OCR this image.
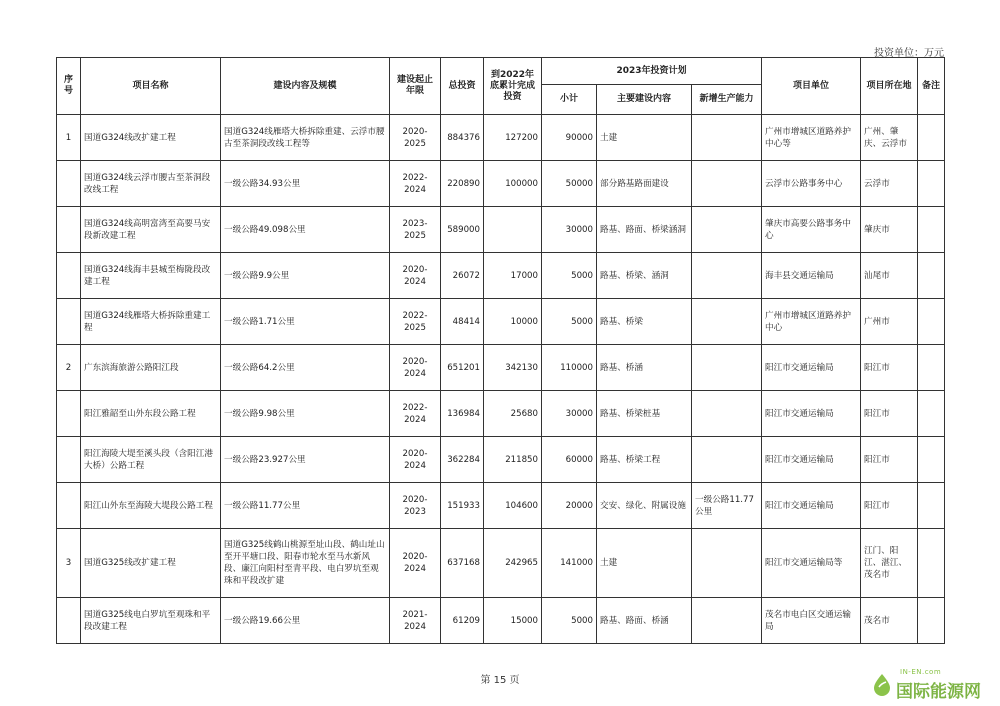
投资单位：万元
序号	项目名称	建设内容及规模	建设起止年限	总投资	到2022年底累计完成投资	2023年投资计划			项目单位	项目所在地	备注
						小计	主要建设内容	新增生产能力			
1	国道G324线改扩建工程	国道G324线雁塔大桥拆除重建、云浮市腰古至茶洞段改线工程等	2020-2025	884376	127200	90000	土建		广州市增城区道路养护中心等	广州、肇庆、云浮市	
	国道G324线云浮市腰古至茶洞段改线工程	一级公路34.93公里	2022-2024	220890	100000	50000	部分路基路面建设		云浮市公路事务中心	云浮市	
	国道G324线高明富湾至高要马安段新改建工程	一级公路49.098公里	2023-2025	589000		30000	路基、路面、桥梁涵洞		肇庆市高要公路事务中心	肇庆市	
	国道G324线海丰县城至梅陇段改建工程	一级公路9.9公里	2020-2024	26072	17000	5000	路基、桥梁、涵洞		海丰县交通运输局	汕尾市	
	国道G324线雁塔大桥拆除重建工程	一级公路1.71公里	2022-2025	48414	10000	5000	路基、桥梁		广州市增城区道路养护中心	广州市	
2	广东滨海旅游公路阳江段	一级公路64.2公里	2020-2024	651201	342130	110000	路基、桥涵		阳江市交通运输局	阳江市	
	阳江雅韶至山外东段公路工程	一级公路9.98公里	2022-2024	136984	25680	30000	路基、桥梁桩基		阳江市交通运输局	阳江市	
	阳江海陵大堤至溪头段（含阳江港大桥）公路工程	一级公路23.927公里	2020-2024	362284	211850	60000	路基、桥梁工程		阳江市交通运输局	阳江市	
	阳江山外东至海陵大堤段公路工程	一级公路11.77公里	2020-2023	151933	104600	20000	交安、绿化、附属设施	一级公路11.77公里	阳江市交通运输局	阳江市	
3	国道G325线改扩建工程	国道G325线鹤山桃源至址山段、鹤山址山至开平塘口段、阳春市轮水至马水新风段、廉江向阳村至青平段、电白罗坑至观珠和平段改扩建	2020-2024	637168	242965	141000	土建		阳江市交通运输局等	江门、阳江、湛江、茂名市	
	国道G325线电白罗坑至观珠和平段改建工程	一级公路19.66公里	2021-2024	61209	15000	5000	路基、路面、桥涵		茂名市电白区交通运输局	茂名市	
第 15 页
IN-EN.com
国际能源网
